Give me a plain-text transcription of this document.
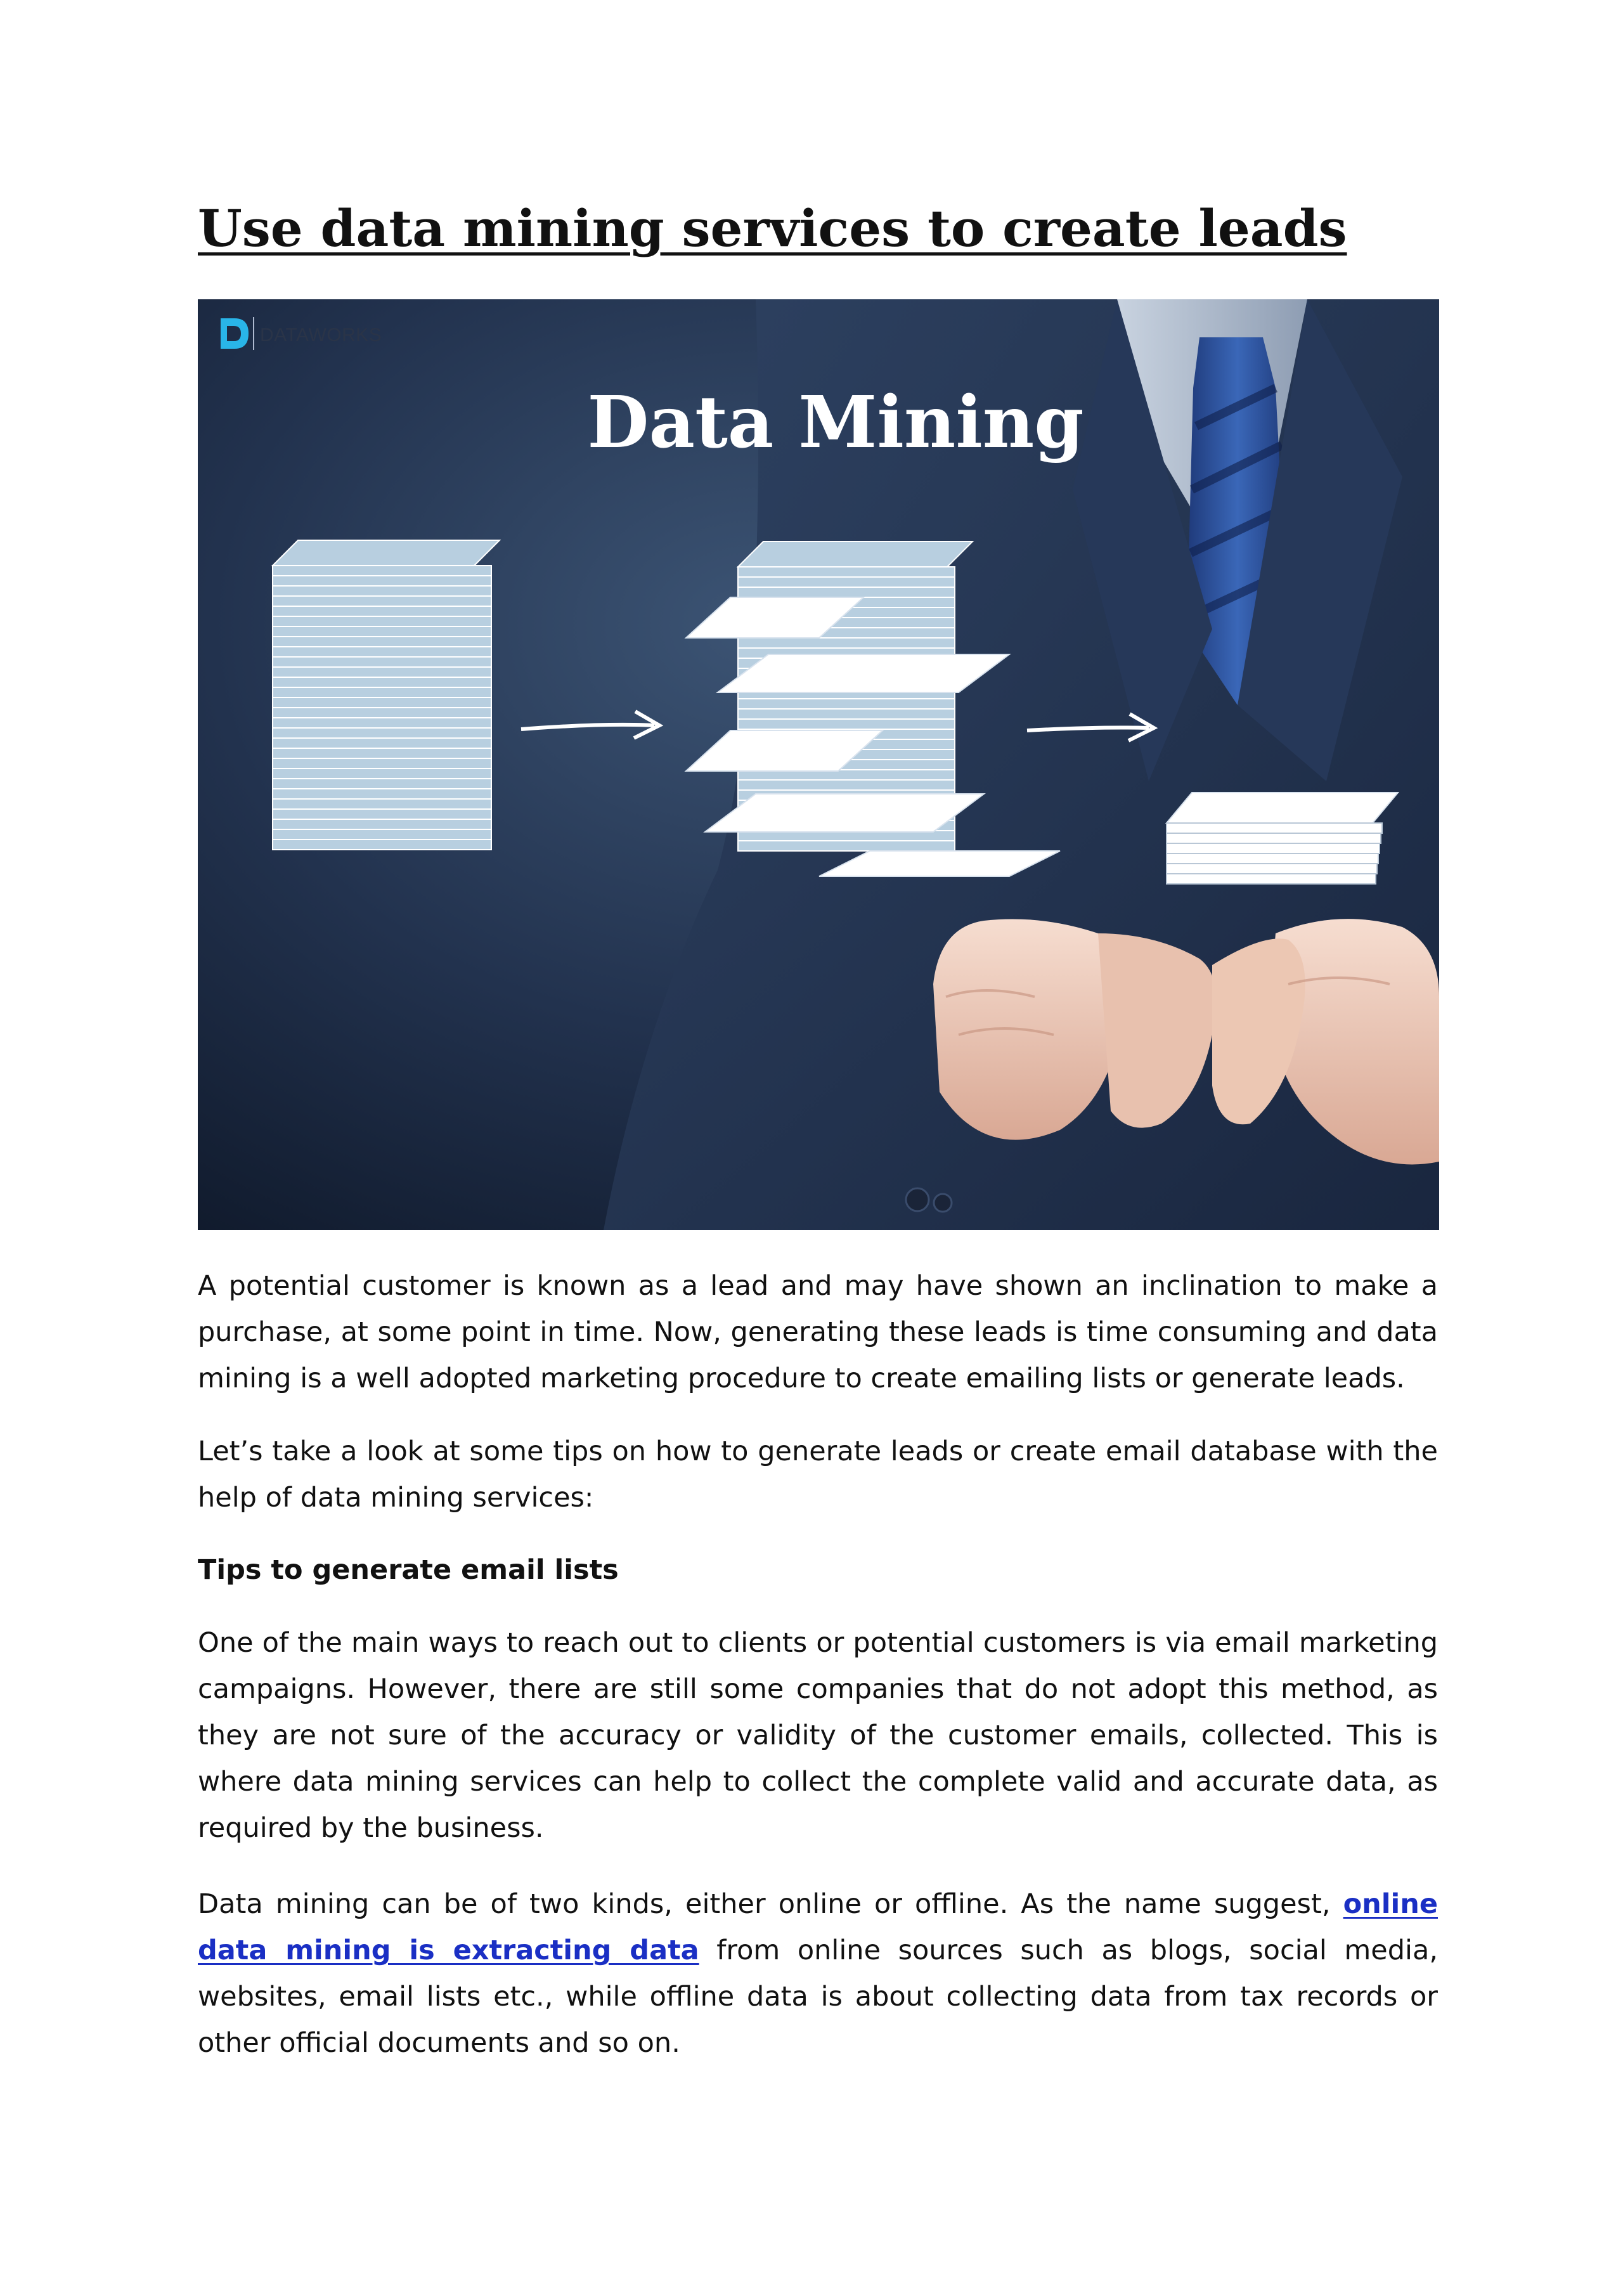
Use data mining services to create leads
DATAWORKS
Data Mining

A potential customer is known as a lead and may have shown an inclination to make a purchase, at some point in time. Now, generating these leads is time consuming and data mining is a well adopted marketing procedure to create emailing lists or generate leads.

Let’s take a look at some tips on how to generate leads or create email database with the help of data mining services:

Tips to generate email lists

One of the main ways to reach out to clients or potential customers is via email marketing campaigns. However, there are still some companies that do not adopt this method, as they are not sure of the accuracy or validity of the customer emails, collected. This is where data mining services can help to collect the complete valid and accurate data, as required by the business.

Data mining can be of two kinds, either online or offline. As the name suggest, online data mining is extracting data from online sources such as blogs, social media, websites, email lists etc., while offline data is about collecting data from tax records or other official documents and so on.
